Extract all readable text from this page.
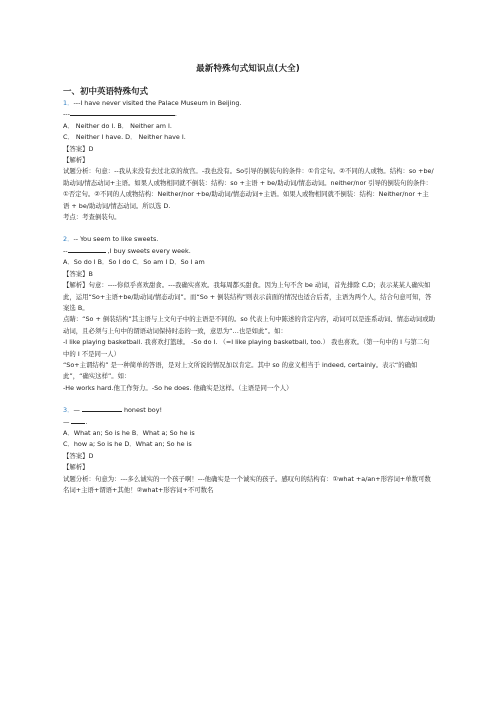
最新特殊句式知识点(大全)
一、初中英语特殊句式

1．---I have never visited the Palace Museum in Beijing.

---	.

A． Neither do I. B． Neither am I.

C． Neither I have. D． Neither have I.

【答案】D

【解析】

试题分析：句意：--我从来没有去过北京的故宫。-我也没有。So引导的倒装句的条件：①肯定句。②不同的人或物。结构：so +be/助动词/情态动词+主语。如果人或物相同就不倒装：结构：so +主语 + be/助动词/情态动词。neither/nor 引导的倒装句的条件：①否定句。②不同的人或物结构：Neither/nor +be/助动词/情态动词+主语。如果人或物相同就不倒装：结构：Neither/nor +主语 + be/助动词/情态动词。所以选 D.

考点：考查倒装句。

2．-- You seem to like sweets.

--	,I buy sweets every week.

A．So do I B．So I do C．So am I D．So I am

【答案】B

【解析】句意：----你似乎喜欢甜食。---我确实喜欢。我每周都买甜食。因为上句不含 be 动词，首先排除 C,D；表示某某人确实如此，运用“So+主语+be/助动词/情态动词”。而“So + 倒装结构”则表示前面的情况也适合后者，主语为两个人，结合句意可知，答案选 B。

点睛：“So + 倒装结构”其主语与上文句子中的主语是不同的。so 代表上句中陈述的肯定内容，动词可以是连系动词、情态动词或助动词，且必须与上句中的谓语动词保持时态的一致，意思为“…也是如此”。如：

-I like playing basketball. 我喜欢打篮球。 -So do I. （=I like playing basketball, too.） 我也喜欢。（第一句中的 I 与第二句中的 I 不是同一人）

“So+主谓结构” 是一种简单的答语，是对上文所说的情况加以肯定。其中 so 的意义相当于 indeed, certainly。表示“的确如此”，“确实这样”。如：

-He works hard.他工作努力。-So he does. 他确实是这样。（主语是同一个人）

3．—	honest boy!

— .

A．What an; So is he B．What a; So he is

C．how a; So is he D．What an; So he is

【答案】D

【解析】

试题分析：句意为：---多么诚实的一个孩子啊！---他确实是一个诚实的孩子。感叹句的结构有：①what +a/an+形容词+单数可数名词+主语+谓语+其他！②what+形容词+不可数名
